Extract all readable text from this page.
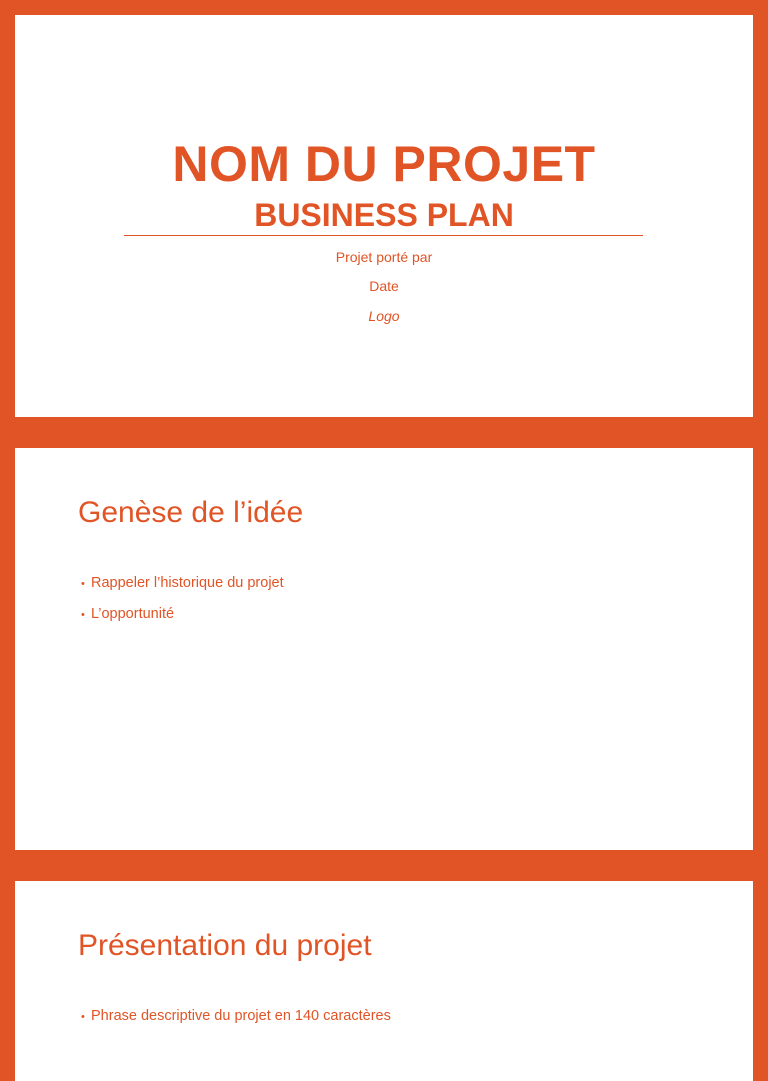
NOM DU PROJET
BUSINESS PLAN
Projet porté par
Date
Logo
Genèse de l’idée
• Rappeler l’historique du projet
• L’opportunité
Présentation du projet
• Phrase descriptive du projet en 140 caractères
